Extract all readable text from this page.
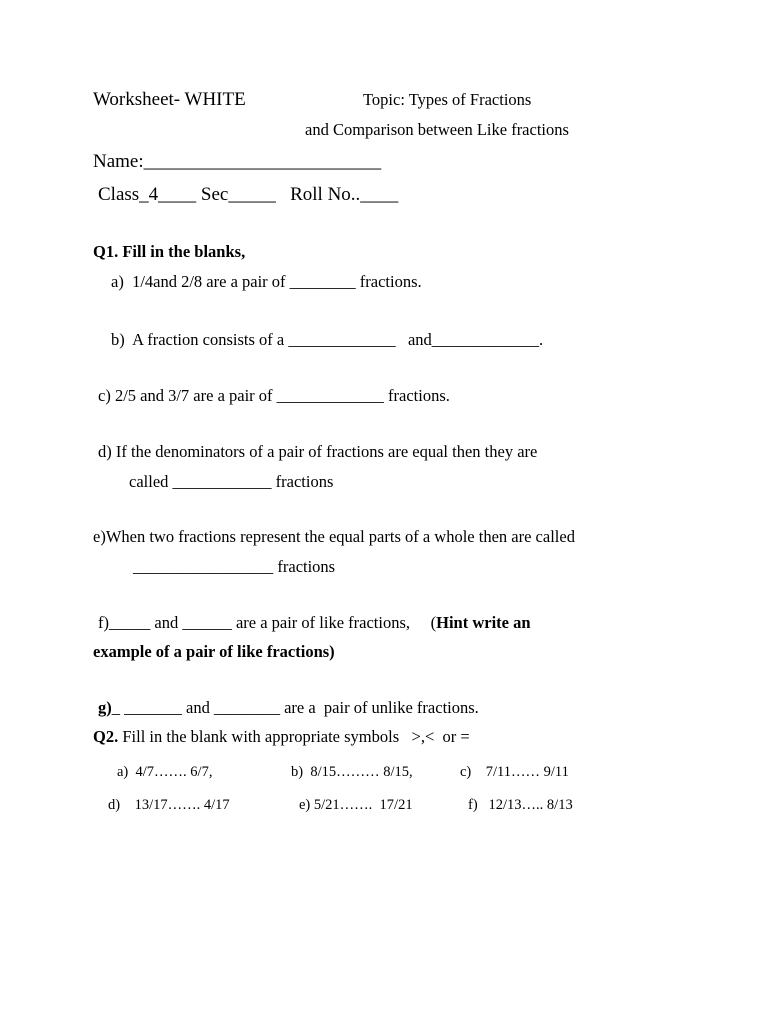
Worksheet- WHITE	Topic: Types of Fractions
and Comparison between Like fractions
Name:_________________________
Class_4____ Sec_____   Roll No..____
Q1. Fill in the blanks,
a)  1/4and 2/8 are a pair of ________ fractions.
b)  A fraction consists of a _____________   and_____________.
c) 2/5 and 3/7 are a pair of _____________ fractions.
d) If the denominators of a pair of fractions are equal then they are
called ____________ fractions
e)When two fractions represent the equal parts of a whole then are called
_________________ fractions
f)_____ and ______ are a pair of like fractions,     (Hint write an
example of a pair of like fractions)
g)_ _______ and ________ are a  pair of unlike fractions.
Q2. Fill in the blank with appropriate symbols   >,<  or =
a)  4/7……. 6/7,	b)  8/15……… 8/15,	c)    7/11…… 9/11
d)    13/17……. 4/17	e) 5/21…….  17/21	f)   12/13….. 8/13
